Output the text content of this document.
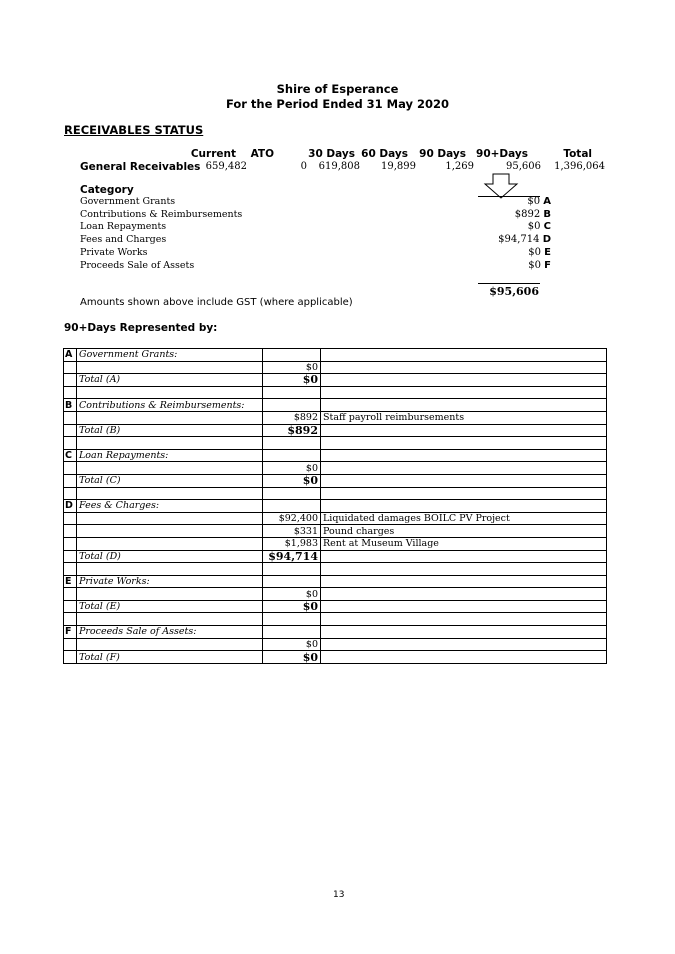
Shire of Esperance
For the Period Ended 31 May 2020
RECEIVABLES STATUS
Current ATO	30 Days 60 Days 90 Days 90+Days	Total
General Receivables 659,482	0 619,808 19,899	1,269	95,606 1,396,064
Category
Government Grants	$0 A
Contributions & Reimbursements	$892 B
Loan Repayments	$0 C
Fees and Charges	$94,714 D
Private Works	$0 E
Proceeds Sale of Assets	$0 F
$95,606
Amounts shown above include GST (where applicable)
90+Days Represented by:
A	Government Grants:		
		$0	
	Total (A)	$0	

B	Contributions & Reimbursements:		
		$892	Staff payroll reimbursements
	Total (B)	$892	

C	Loan Repayments:		
		$0	
	Total (C)	$0	

D	Fees & Charges:		
		$92,400	Liquidated damages BOILC PV Project
		$331	Pound charges
		$1,983	Rent at Museum Village
	Total (D)	$94,714	

E	Private Works:		
		$0	
	Total (E)	$0	

F	Proceeds Sale of Assets:		
		$0	
	Total (F)	$0	
13
